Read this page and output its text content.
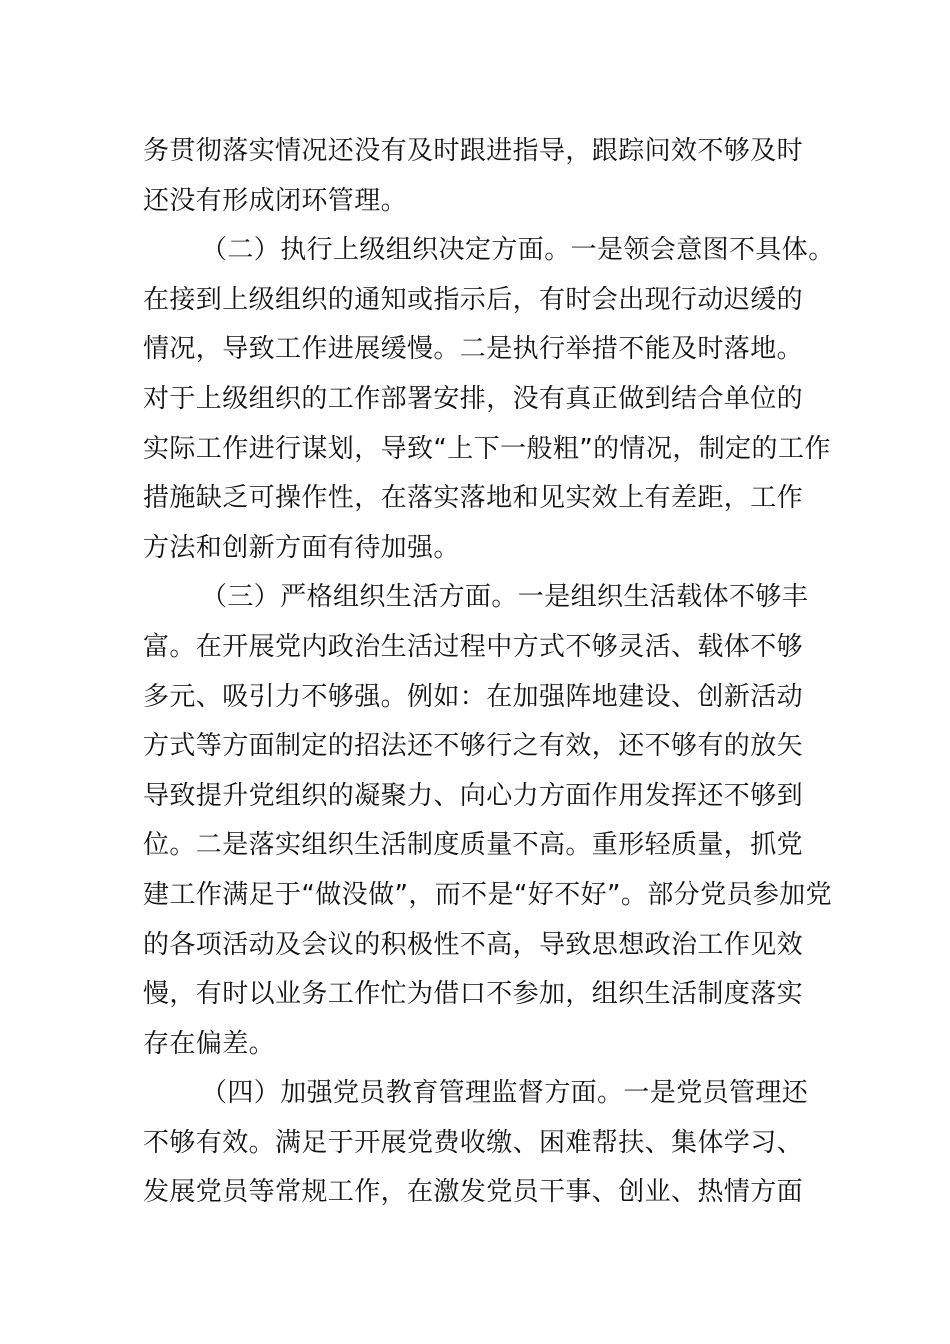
务贯彻落实情况还没有及时跟进指导，跟踪问效不够及时
还没有形成闭环管理。
（二）执行上级组织决定方面。一是领会意图不具体。
在接到上级组织的通知或指示后，有时会出现行动迟缓的
情况，导致工作进展缓慢。二是执行举措不能及时落地。
对于上级组织的工作部署安排，没有真正做到结合单位的
实际工作进行谋划，导致“上下一般粗”的情况，制定的工作
措施缺乏可操作性，在落实落地和见实效上有差距，工作
方法和创新方面有待加强。
（三）严格组织生活方面。一是组织生活载体不够丰
富。在开展党内政治生活过程中方式不够灵活、载体不够
多元、吸引力不够强。例如：在加强阵地建设、创新活动
方式等方面制定的招法还不够行之有效，还不够有的放矢
导致提升党组织的凝聚力、向心力方面作用发挥还不够到
位。二是落实组织生活制度质量不高。重形轻质量，抓党
建工作满足于“做没做”，而不是“好不好”。部分党员参加党
的各项活动及会议的积极性不高，导致思想政治工作见效
慢，有时以业务工作忙为借口不参加，组织生活制度落实
存在偏差。
（四）加强党员教育管理监督方面。一是党员管理还
不够有效。满足于开展党费收缴、困难帮扶、集体学习、
发展党员等常规工作，在激发党员干事、创业、热情方面
